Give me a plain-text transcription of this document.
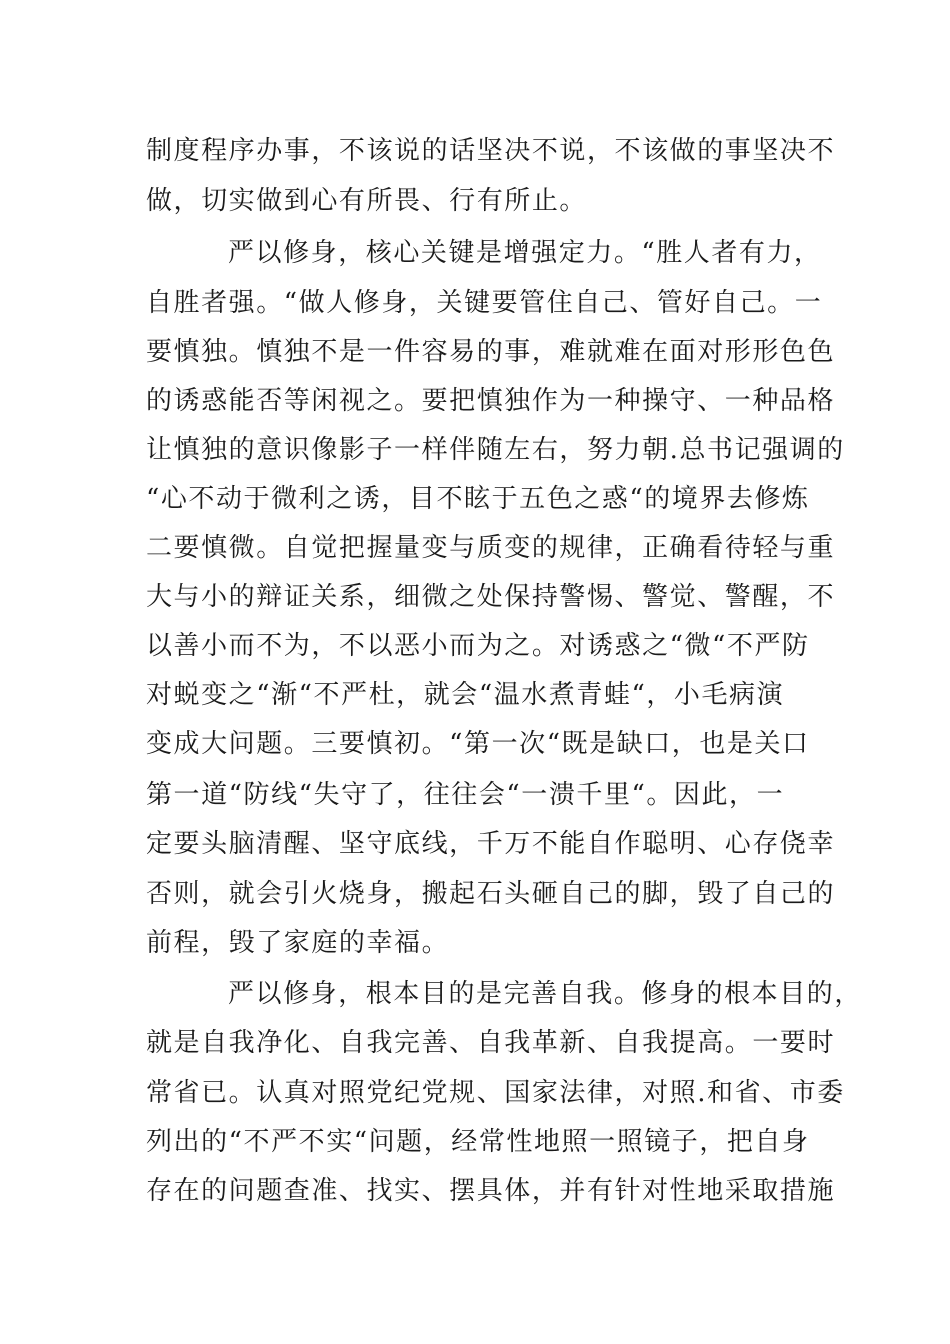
制度程序办事，不该说的话坚决不说，不该做的事坚决不
做，切实做到心有所畏、行有所止。
严以修身，核心关键是增强定力。“胜人者有力，
自胜者强。“做人修身，关键要管住自己、管好自己。一
要慎独。慎独不是一件容易的事，难就难在面对形形色色
的诱惑能否等闲视之。要把慎独作为一种操守、一种品格
让慎独的意识像影子一样伴随左右，努力朝.总书记强调的
“心不动于微利之诱，目不眩于五色之惑“的境界去修炼
二要慎微。自觉把握量变与质变的规律，正确看待轻与重
大与小的辩证关系，细微之处保持警惕、警觉、警醒，不
以善小而不为，不以恶小而为之。对诱惑之“微“不严防
对蜕变之“渐“不严杜，就会“温水煮青蛙“，小毛病演
变成大问题。三要慎初。“第一次“既是缺口，也是关口
第一道“防线“失守了，往往会“一溃千里“。因此，一
定要头脑清醒、坚守底线，千万不能自作聪明、心存侥幸
否则，就会引火烧身，搬起石头砸自己的脚，毁了自己的
前程，毁了家庭的幸福。
严以修身，根本目的是完善自我。修身的根本目的，
就是自我净化、自我完善、自我革新、自我提高。一要时
常省已。认真对照党纪党规、国家法律，对照.和省、市委
列出的“不严不实“问题，经常性地照一照镜子，把自身
存在的问题查准、找实、摆具体，并有针对性地采取措施
